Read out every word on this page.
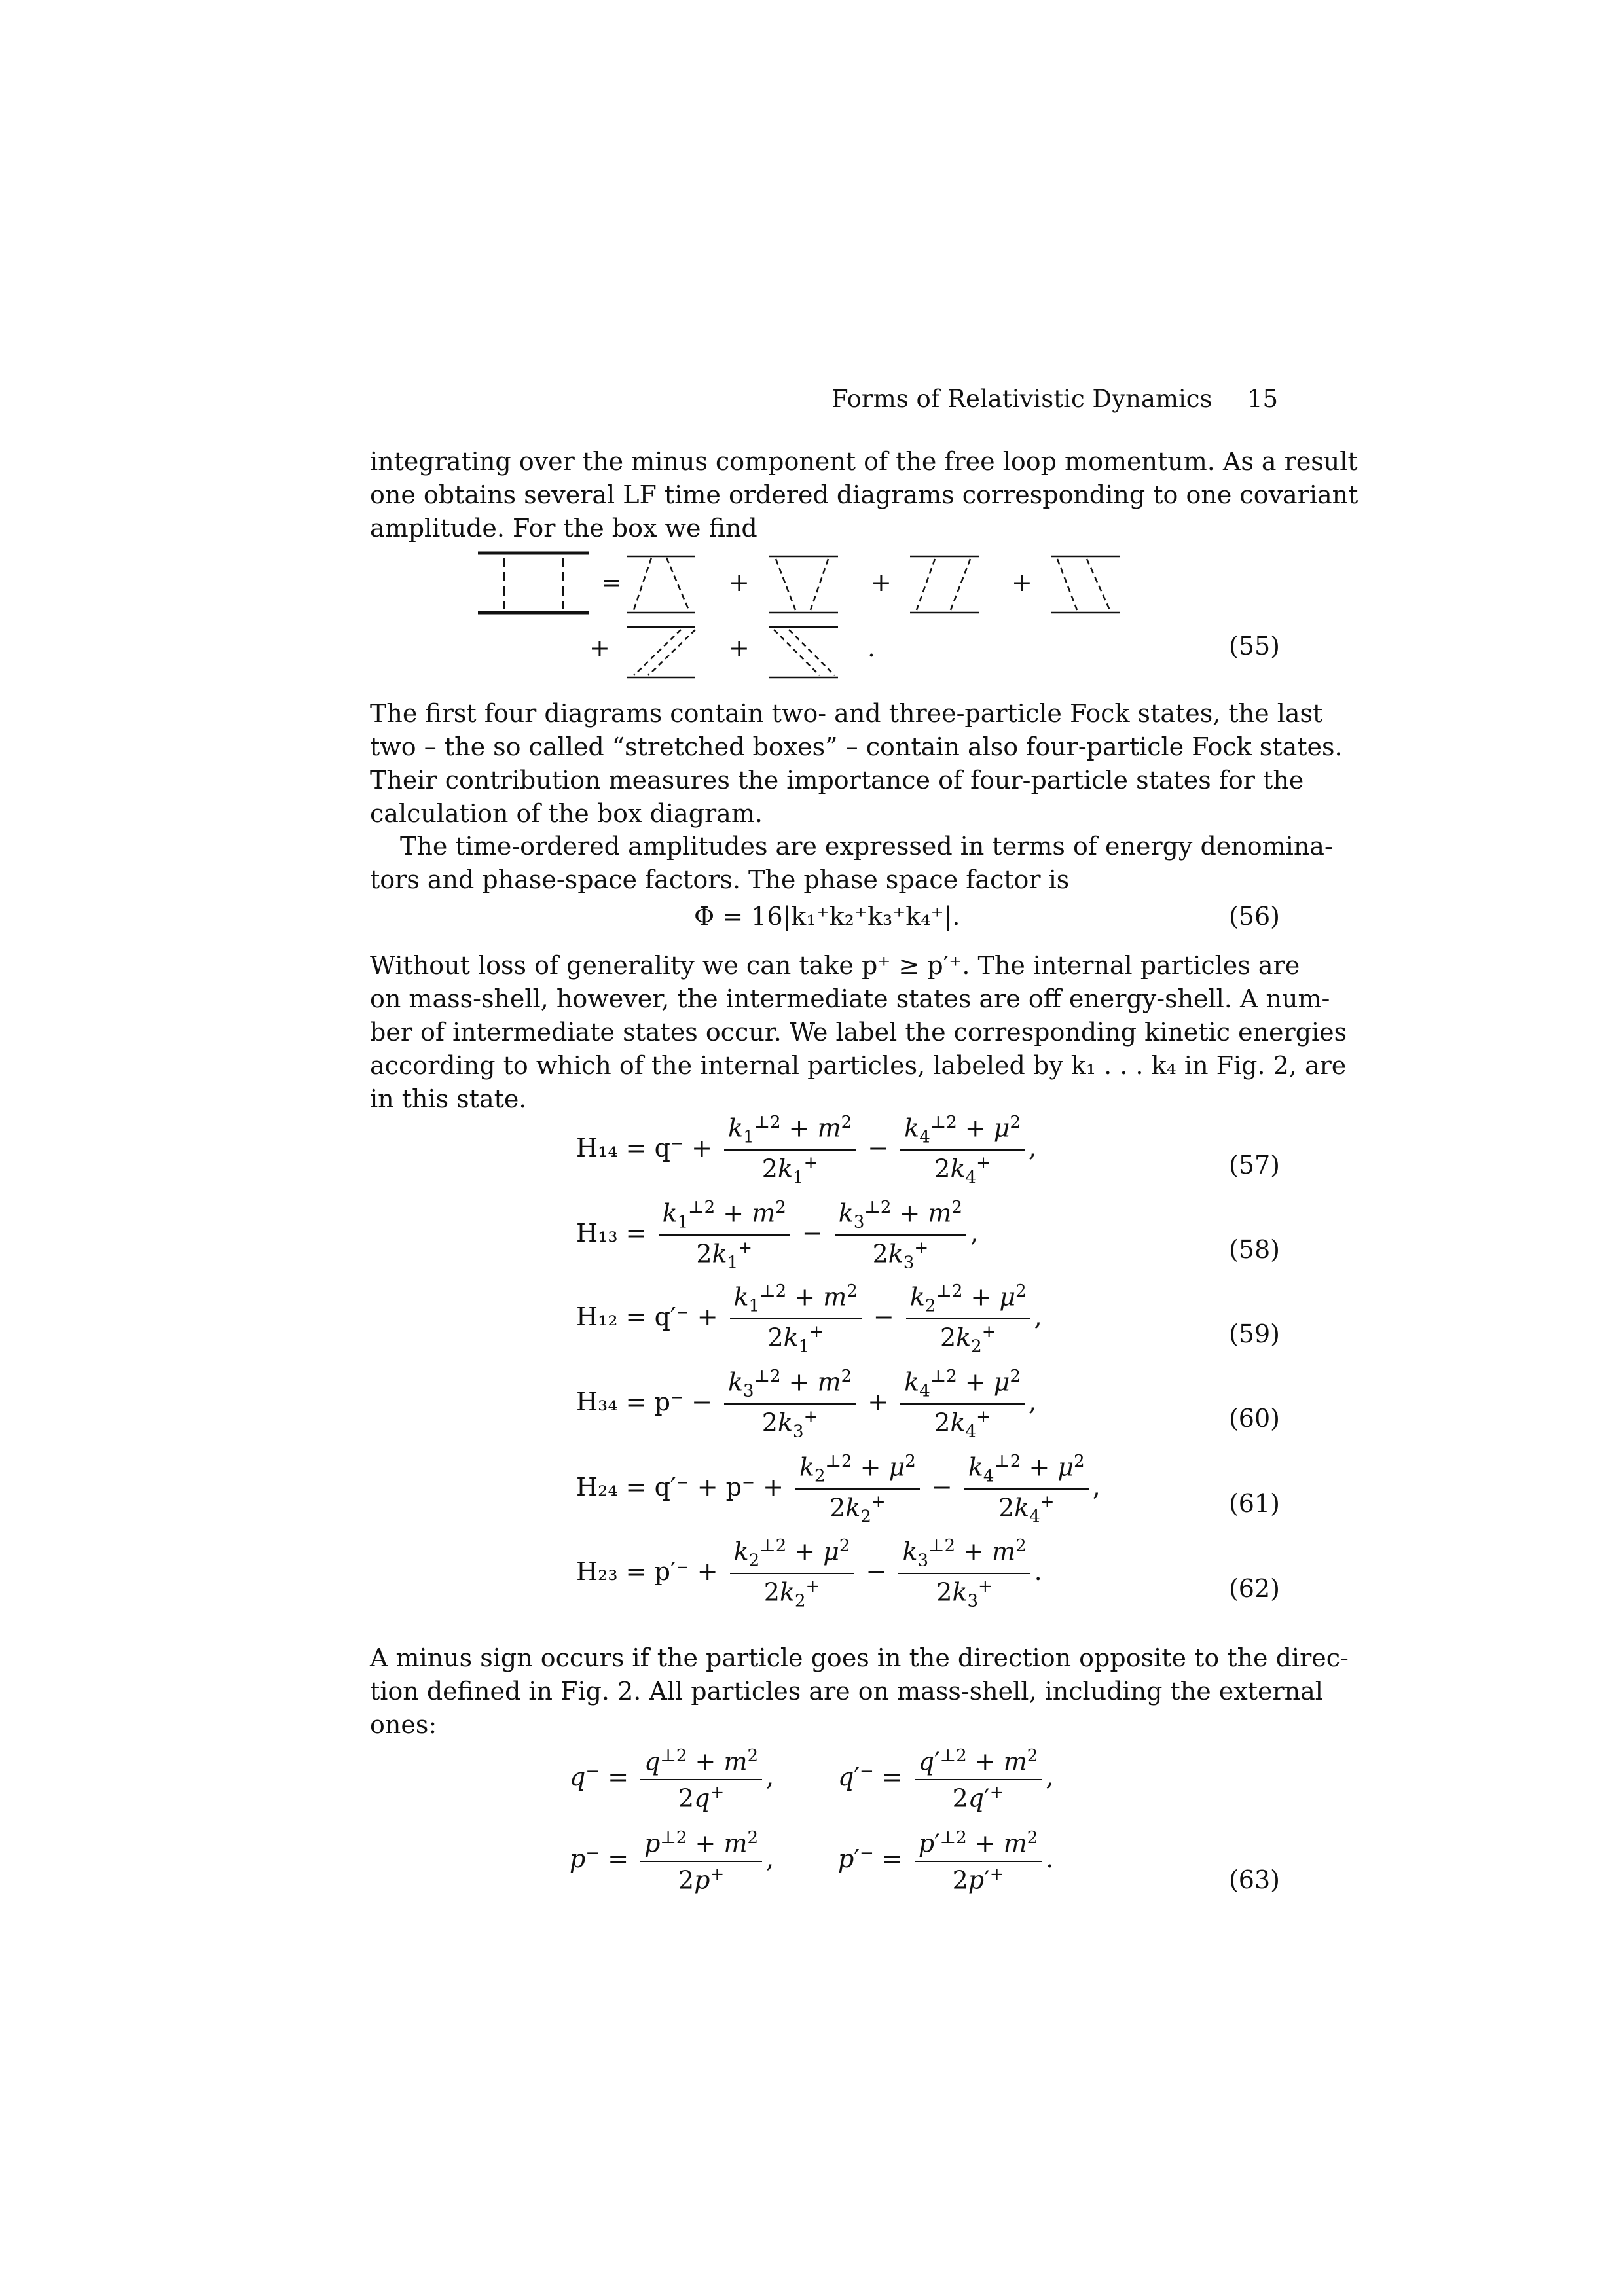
Forms of Relativistic Dynamics 15
integrating over the minus component of the free loop momentum. As a result
one obtains several LF time ordered diagrams corresponding to one covariant
amplitude. For the box we find
=	+	+	+
+	+	.	(55)
The first four diagrams contain two- and three-particle Fock states, the last
two – the so called “stretched boxes” – contain also four-particle Fock states.
Their contribution measures the importance of four-particle states for the
calculation of the box diagram.
The time-ordered amplitudes are expressed in terms of energy denomina-
tors and phase-space factors. The phase space factor is
Φ = 16|k₁⁺k₂⁺k₃⁺k₄⁺|.	(56)
Without loss of generality we can take p⁺ ≥ p′⁺. The internal particles are
on mass-shell, however, the intermediate states are off energy-shell. A num-
ber of intermediate states occur. We label the corresponding kinetic energies
according to which of the internal particles, labeled by k₁ . . . k₄ in Fig. 2, are
in this state.
$H_{14} = q^- + \frac{k_1^{\perp 2} + m^2}{2k_1^+} - \frac{k_4^{\perp 2} + \mu^2}{2k_4^+}$ ,
(57)
$H_{13} = \frac{k_1^{\perp 2} + m^2}{2k_1^+} - \frac{k_3^{\perp 2} + m^2}{2k_3^+}$ ,
(58)
$H_{12} = q'^- + \frac{k_1^{\perp 2} + m^2}{2k_1^+} - \frac{k_2^{\perp 2} + \mu^2}{2k_2^+}$ ,
(59)
$H_{34} = p^- - \frac{k_3^{\perp 2} + m^2}{2k_3^+} + \frac{k_4^{\perp 2} + \mu^2}{2k_4^+}$ ,
(60)
$H_{24} = q'^- + p^- + \frac{k_2^{\perp 2} + \mu^2}{2k_2^+} - \frac{k_4^{\perp 2} + \mu^2}{2k_4^+}$ ,
(61)
$H_{23} = p'^- + \frac{k_2^{\perp 2} + \mu^2}{2k_2^+} - \frac{k_3^{\perp 2} + m^2}{2k_3^+}$ .
(62)
A minus sign occurs if the particle goes in the direction opposite to the direc-
tion defined in Fig. 2. All particles are on mass-shell, including the external
ones:
$q^- = \frac{q^{\perp 2} + m^2}{2q^+}$ ,	$q'^- = \frac{q'^{\perp 2} + m^2}{2q'^+}$ ,
$p^- = \frac{p^{\perp 2} + m^2}{2p^+}$ ,	$p'^- = \frac{p'^{\perp 2} + m^2}{2p'^+}$ .
(63)
